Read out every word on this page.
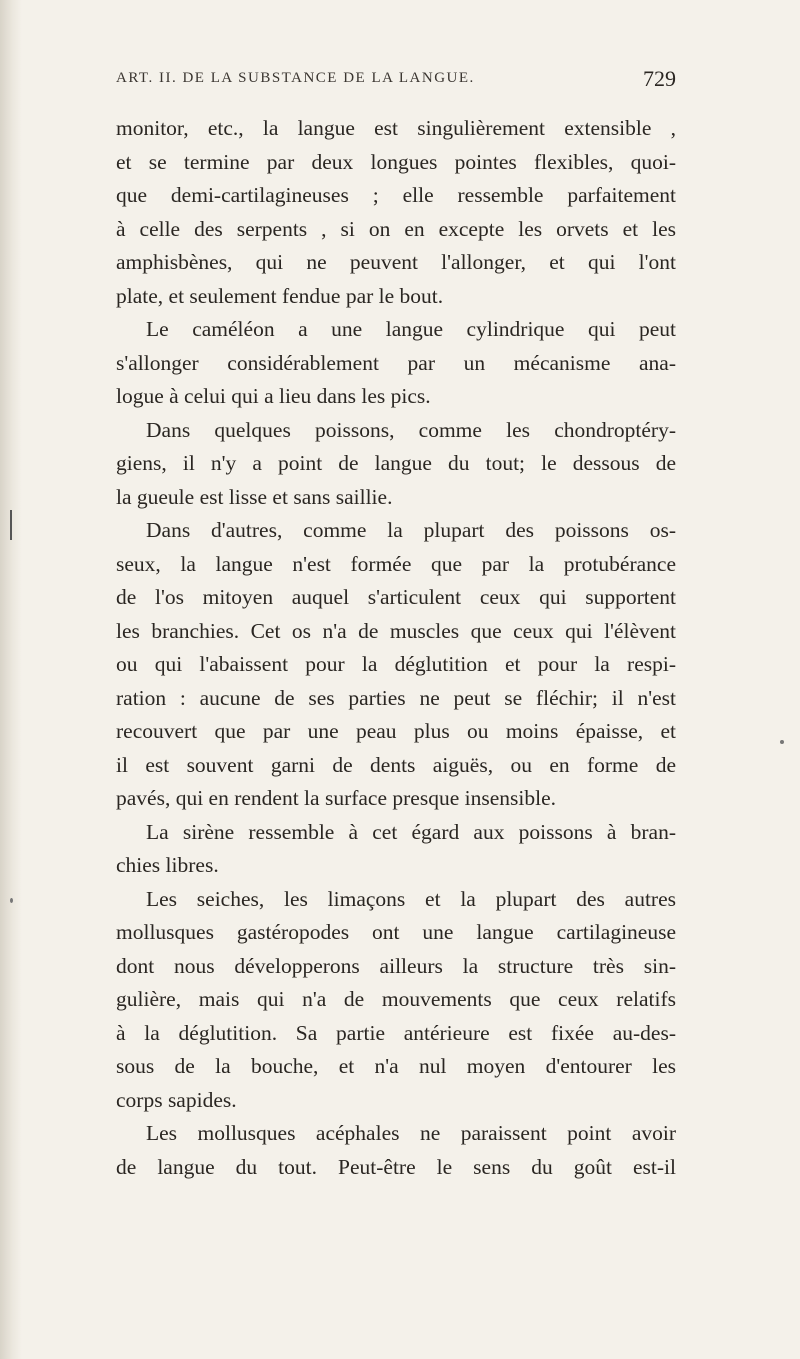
ART. II. DE LA SUBSTANCE DE LA LANGUE.	729

monitor, etc., la langue est singulièrement extensible ,
et se termine par deux longues pointes flexibles, quoi-
que demi-cartilagineuses ; elle ressemble parfaitement
à celle des serpents , si on en excepte les orvets et les
amphisbènes, qui ne peuvent l'allonger, et qui l'ont
plate, et seulement fendue par le bout.

Le caméléon a une langue cylindrique qui peut
s'allonger considérablement par un mécanisme ana-
logue à celui qui a lieu dans les pics.

Dans quelques poissons, comme les chondroptéry-
giens, il n'y a point de langue du tout; le dessous de
la gueule est lisse et sans saillie.

Dans d'autres, comme la plupart des poissons os-
seux, la langue n'est formée que par la protubérance
de l'os mitoyen auquel s'articulent ceux qui supportent
les branchies. Cet os n'a de muscles que ceux qui l'élèvent
ou qui l'abaissent pour la déglutition et pour la respi-
ration : aucune de ses parties ne peut se fléchir; il n'est
recouvert que par une peau plus ou moins épaisse, et
il est souvent garni de dents aiguës, ou en forme de
pavés, qui en rendent la surface presque insensible.

La sirène ressemble à cet égard aux poissons à bran-
chies libres.

Les seiches, les limaçons et la plupart des autres
mollusques gastéropodes ont une langue cartilagineuse
dont nous développerons ailleurs la structure très sin-
gulière, mais qui n'a de mouvements que ceux relatifs
à la déglutition. Sa partie antérieure est fixée au-des-
sous de la bouche, et n'a nul moyen d'entourer les
corps sapides.

Les mollusques acéphales ne paraissent point avoir
de langue du tout. Peut-être le sens du goût est-il
